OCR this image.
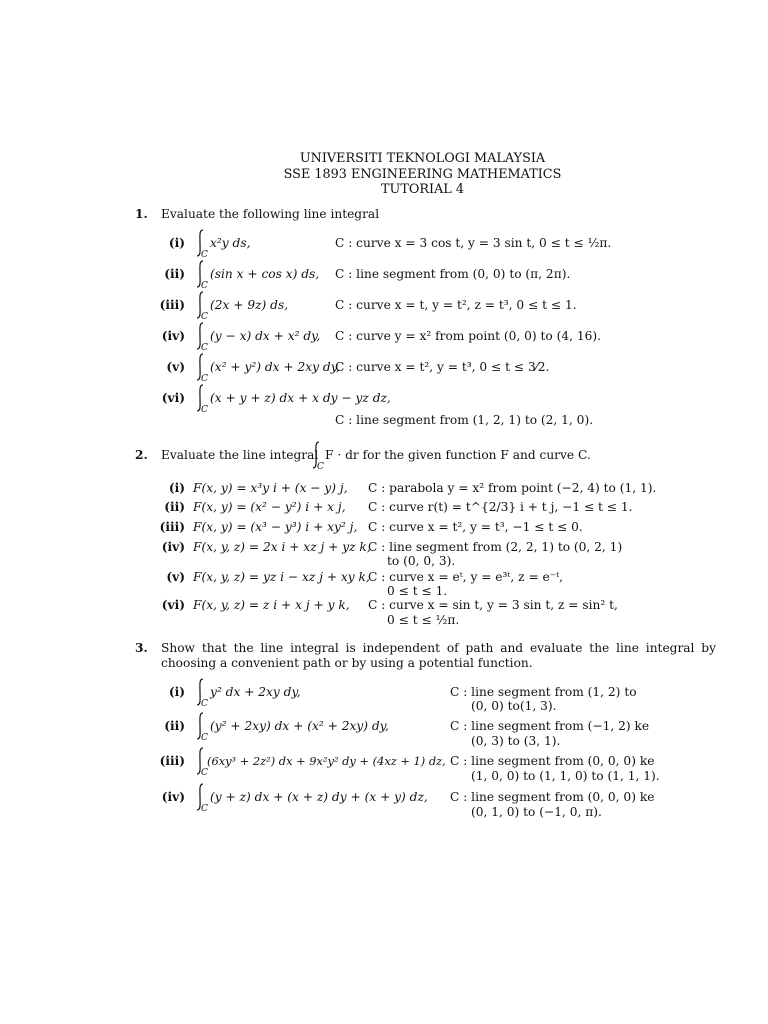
UNIVERSITI TEKNOLOGI MALAYSIA
SSE 1893 ENGINEERING MATHEMATICS
TUTORIAL 4
1. Evaluate the following line integral
(i)
C
x²y ds,	C : curve x = 3 cos t, y = 3 sin t, 0 ≤ t ≤ ½π.
(ii)
C
(sin x + cos x) ds, C : line segment from (0, 0) to (π, 2π).
(iii)
C
(2x + 9z) ds,	C : curve x = t, y = t², z = t³, 0 ≤ t ≤ 1.
(iv)
C
(y − x) dx + x² dy, C : curve y = x² from point (0, 0) to (4, 16).
(v)
C
(x² + y²) dx + 2xy dy,
C : curve x = t², y = t³, 0 ≤ t ≤ 3⁄2.
(vi)
C
(x + y + z) dx + x dy − yz dz,
C : line segment from (1, 2, 1) to (2, 1, 0).
2. Evaluate the line integral
C
F · dr for the given function F and curve C.
(i) F(x, y) = x³y i + (x − y) j, C : parabola y = x² from point (−2, 4) to (1, 1).
(ii) F(x, y) = (x² − y²) i + x j, C : curve r(t) = t^{2/3} i + t j, −1 ≤ t ≤ 1.
(iii) F(x, y) = (x³ − y³) i + xy² j, C : curve x = t², y = t³, −1 ≤ t ≤ 0.
(iv) F(x, y, z) = 2x i + xz j + yz k,
C : line segment from (2, 2, 1) to (0, 2, 1)
to (0, 0, 3).
(v) F(x, y, z) = yz i − xz j + xy k,
C : curve x = eᵗ, y = e³ᵗ, z = e⁻ᵗ,
0 ≤ t ≤ 1.
(vi) F(x, y, z) = z i + x j + y k, C : curve x = sin t, y = 3 sin t, z = sin² t,
0 ≤ t ≤ ½π.
3. Show that the line integral is independent of path and evaluate the line integral by choosing a convenient path or by using a potential function.
(i)
C
y² dx + 2xy dy,	C : line segment from (1, 2) to
(0, 0) to(1, 3).
(ii)
C
(y² + 2xy) dx + (x² + 2xy) dy,	C : line segment from (−1, 2) ke
(0, 3) to (3, 1).
(iii)
C
(6xy³ + 2z²) dx + 9x²y² dy + (4xz + 1) dz, C : line segment from (0, 0, 0) ke
(1, 0, 0) to (1, 1, 0) to (1, 1, 1).
(iv)
C
(y + z) dx + (x + z) dy + (x + y) dz, C : line segment from (0, 0, 0) ke
(0, 1, 0) to (−1, 0, π).
